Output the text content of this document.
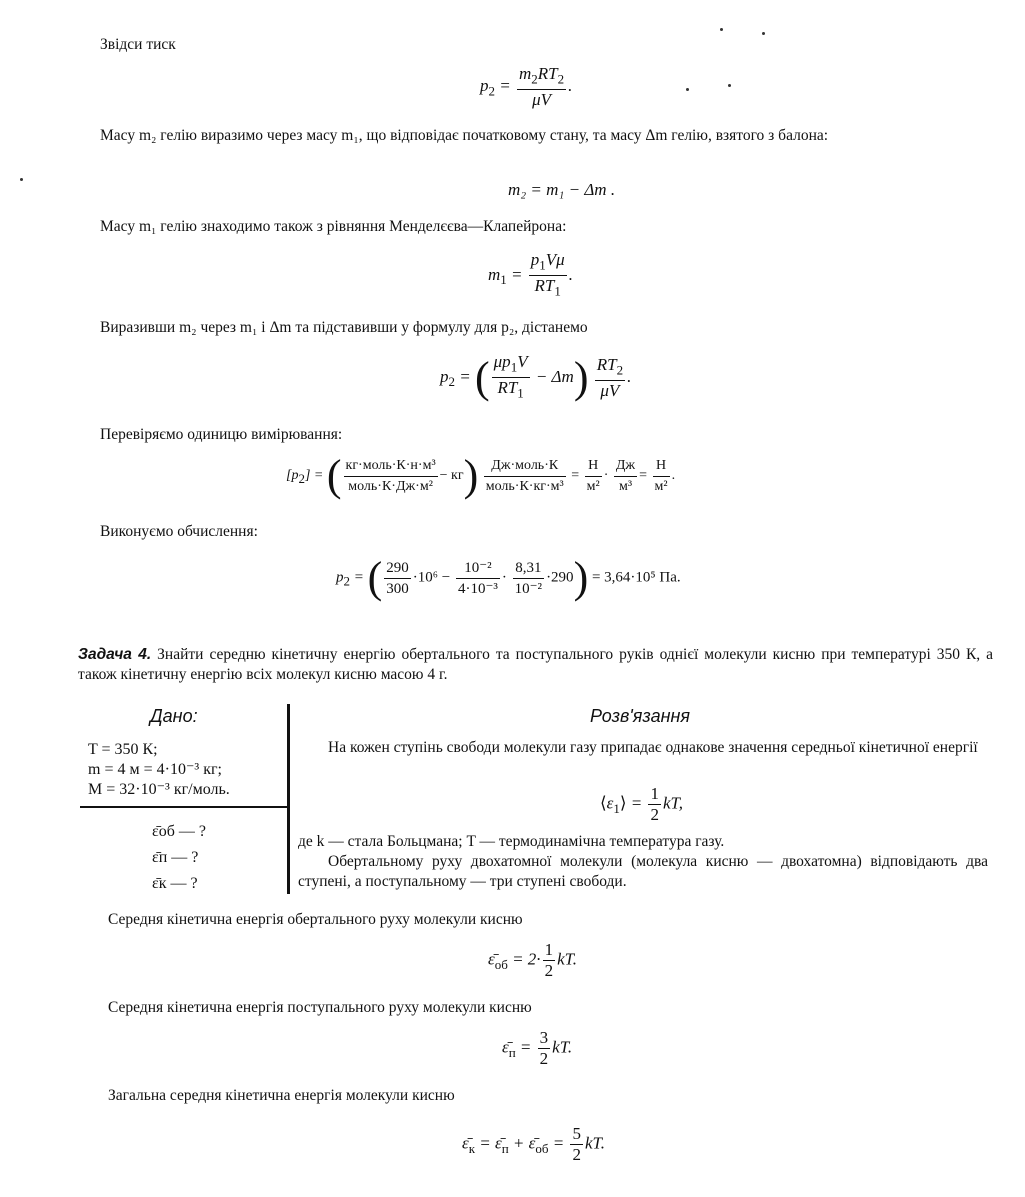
Звідси тиск
$p_2 = \frac{m_2RT_2}{\mu V}$ .
Масу m₂ гелію виразимо через масу m₁, що відповідає початковому стану, та масу Δm гелію, взятого з балона:
m₂ = m₁ − Δm .
Масу m₁ гелію знаходимо також з рівняння Менделєєва—Клапейрона:
$m_1 = \frac{p_1V\mu}{RT_1}$ .
Виразивши m₂ через m₁ і Δm та підставивши у формулу для p₂, дістанемо
$p_2$ = ( $\frac{\mu p_1V}{RT_1} - \Delta m) \frac{RT_2}{\mu V}$ .
Перевіряємо одиницю вимірювання:
$[p_2]$ = ( $\frac{\text{кг·моль·К·н·м³}}{\text{моль·К·Дж·м²}} - кг) \frac{\text{Дж·моль·К}}{\text{моль·К·кг·м³}} = \frac{Н}{\text{м²}} \cdot \frac{Дж}{\text{м³}} = \frac{Н}{\text{м²}}$ .
Виконуємо обчислення:
$p_2$ = ( $\frac{290}{300} \cdot 10^6 - \frac{\text{10⁻²}}{\text{4·10⁻³}} \cdot \frac{8,31}{\text{10⁻²}} \cdot 290) = 3,64\cdot 10^5$ Па.
Задача 4. Знайти середню кінетичну енергію обертального та поступального руків однієї молекули кисню при температурі 350 К, а також кінетичну енергію всіх молекул кисню масою 4 г.
Дано:	Розв'язання
T = 350 К;
m = 4 м = 4·10⁻³ кг;
M = 32·10⁻³ кг/моль.
ε̄об — ?
ε̄п — ?
ε̄к — ?
На кожен ступінь свободи молекули газу припадає однакове значення середньої кінетичної енергії
$⟨\varepsilon_1⟩ = \frac{1}{2}$ kT,
де k — стала Больцмана; T — термодинамічна температура газу.
Обертальному руху двохатомної молекули (молекула кисню — двохатомна) відповідають два ступені, а поступальному — три ступені свободи.
Середня кінетична енергія обертального руху молекули кисню
$\varepsilon̄_{об} = 2\cdot \frac{1}{2}$ kT.
Середня кінетична енергія поступального руху молекули кисню
$\varepsilon̄_п = \frac{3}{2}$ kT.
Загальна середня кінетична енергія молекули кисню
$\varepsilon̄_к$ = $\varepsilon̄_п$ + $\varepsilon̄_{об} = \frac{5}{2}$ kT.
